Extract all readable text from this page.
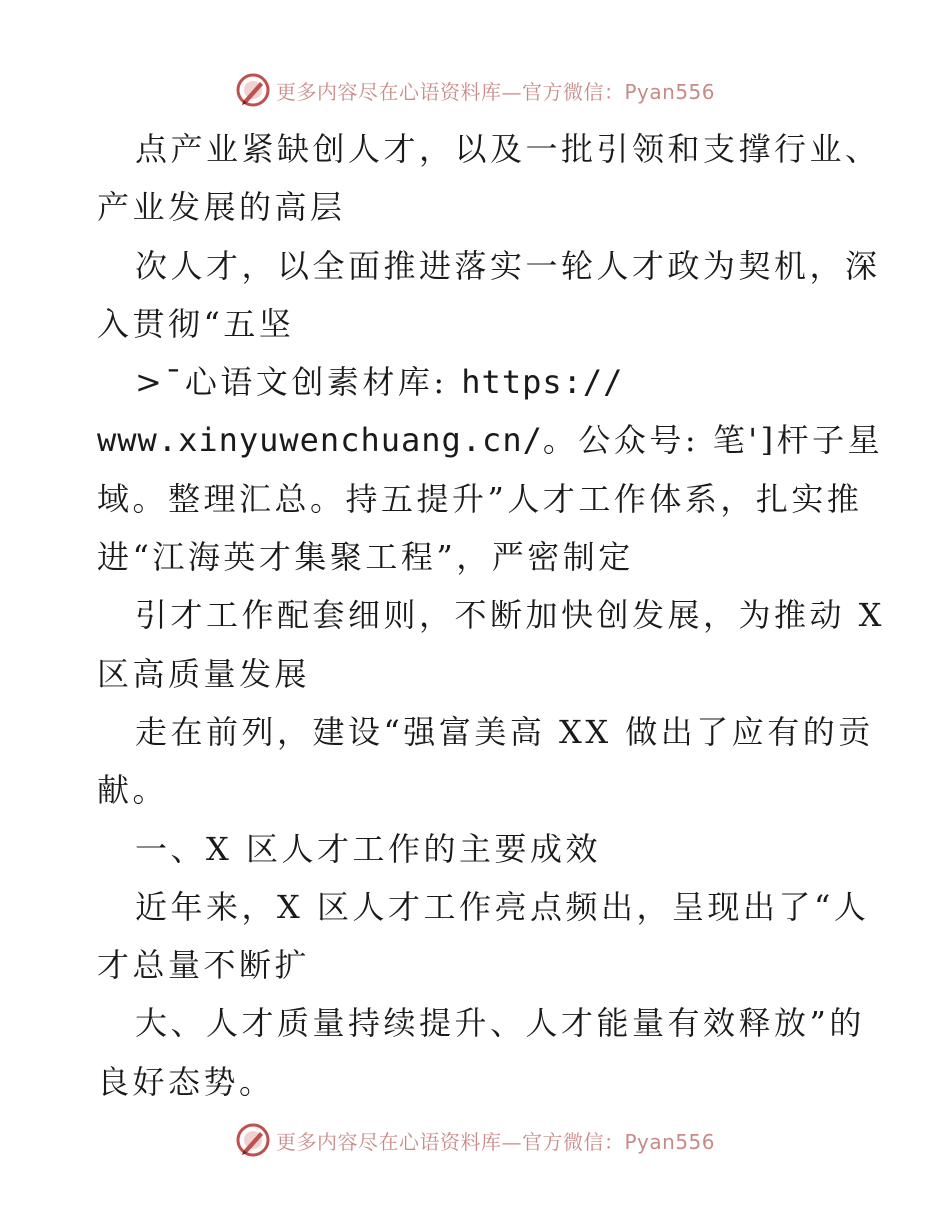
更多内容尽在心语资料库—官方微信：Pyan556

点产业紧缺创人才，以及一批引领和支撑行业、

产业发展的高层

次人才，以全面推进落实一轮人才政为契机，深

入贯彻“五坚

>¯心语文创素材库: https://

www.xinyuwenchuang.cn/。公众号: 笔']杆子星

域。整理汇总。持五提升”人才工作体系，扎实推

进“江海英才集聚工程”，严密制定

引才工作配套细则，不断加快创发展，为推动 X

区高质量发展

走在前列，建设“强富美高 XX 做出了应有的贡

献。

一、X 区人才工作的主要成效

近年来，X 区人才工作亮点频出，呈现出了“人

才总量不断扩

大、人才质量持续提升、人才能量有效释放”的

良好态势。

更多内容尽在心语资料库—官方微信：Pyan556
